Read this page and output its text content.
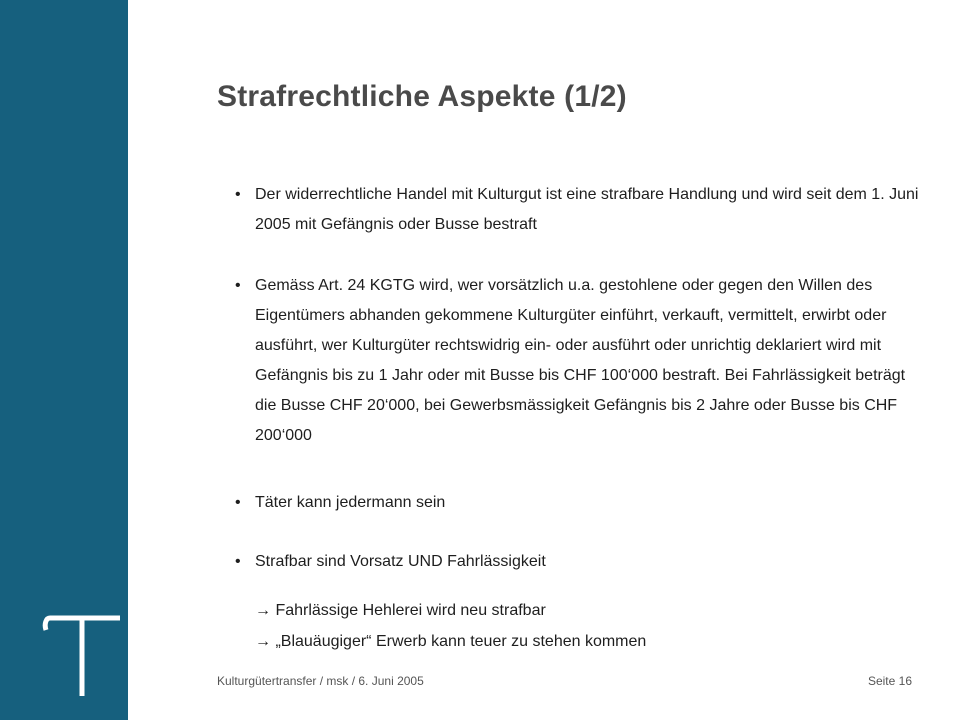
Strafrechtliche Aspekte (1/2)
• Der widerrechtliche Handel mit Kulturgut ist eine strafbare Handlung und wird seit dem 1. Juni 2005 mit Gefängnis oder Busse bestraft
• Gemäss Art. 24 KGTG wird, wer vorsätzlich u.a. gestohlene oder gegen den Willen des   Eigentümers abhanden gekommene Kulturgüter einführt, verkauft, vermittelt, erwirbt oder ausführt, wer Kulturgüter rechtswidrig ein- oder ausführt oder unrichtig deklariert wird mit Gefängnis bis zu 1 Jahr oder mit Busse bis CHF 100‘000 bestraft. Bei Fahrlässigkeit beträgt die Busse CHF 20‘000, bei Gewerbsmässigkeit Gefängnis bis 2 Jahre oder Busse bis CHF 200‘000
• Täter kann jedermann sein
• Strafbar sind Vorsatz UND Fahrlässigkeit
→ Fahrlässige Hehlerei wird neu strafbar
→ „Blauäugiger“ Erwerb kann teuer zu stehen kommen
Kulturgütertransfer / msk / 6. Juni 2005	Seite 16
